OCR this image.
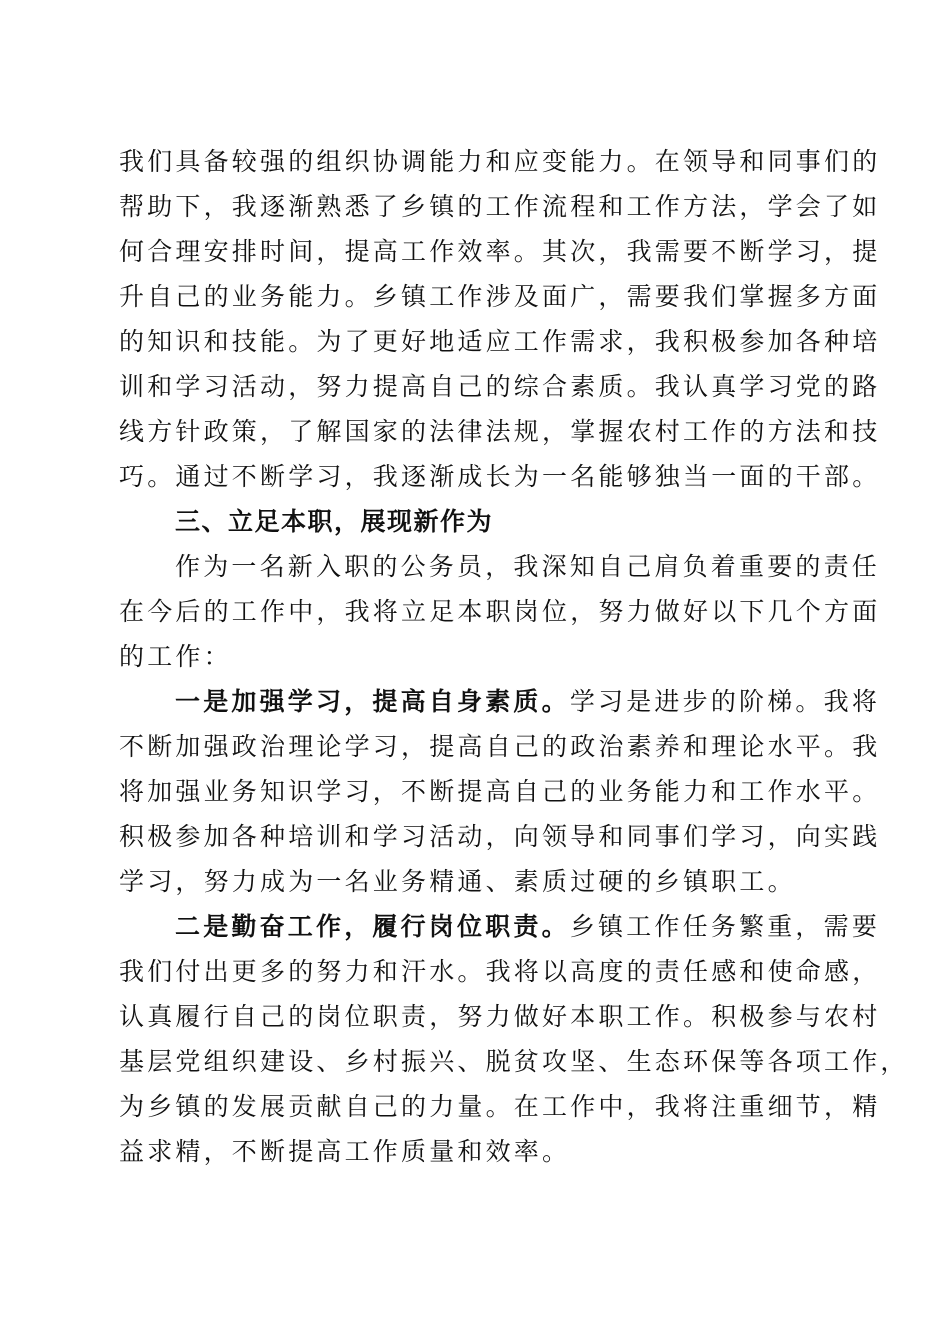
我们具备较强的组织协调能力和应变能力。在领导和同事们的
帮助下，我逐渐熟悉了乡镇的工作流程和工作方法，学会了如
何合理安排时间，提高工作效率。其次，我需要不断学习，提
升自己的业务能力。乡镇工作涉及面广，需要我们掌握多方面
的知识和技能。为了更好地适应工作需求，我积极参加各种培
训和学习活动，努力提高自己的综合素质。我认真学习党的路
线方针政策，了解国家的法律法规，掌握农村工作的方法和技
巧。通过不断学习，我逐渐成长为一名能够独当一面的干部。
三、立足本职，展现新作为
作为一名新入职的公务员，我深知自己肩负着重要的责任
在今后的工作中，我将立足本职岗位，努力做好以下几个方面
的工作：
一是加强学习，提高自身素质。学习是进步的阶梯。我将
不断加强政治理论学习，提高自己的政治素养和理论水平。我
将加强业务知识学习，不断提高自己的业务能力和工作水平。
积极参加各种培训和学习活动，向领导和同事们学习，向实践
学习，努力成为一名业务精通、素质过硬的乡镇职工。
二是勤奋工作，履行岗位职责。乡镇工作任务繁重，需要
我们付出更多的努力和汗水。我将以高度的责任感和使命感，
认真履行自己的岗位职责，努力做好本职工作。积极参与农村
基层党组织建设、乡村振兴、脱贫攻坚、生态环保等各项工作，
为乡镇的发展贡献自己的力量。在工作中，我将注重细节，精
益求精，不断提高工作质量和效率。
